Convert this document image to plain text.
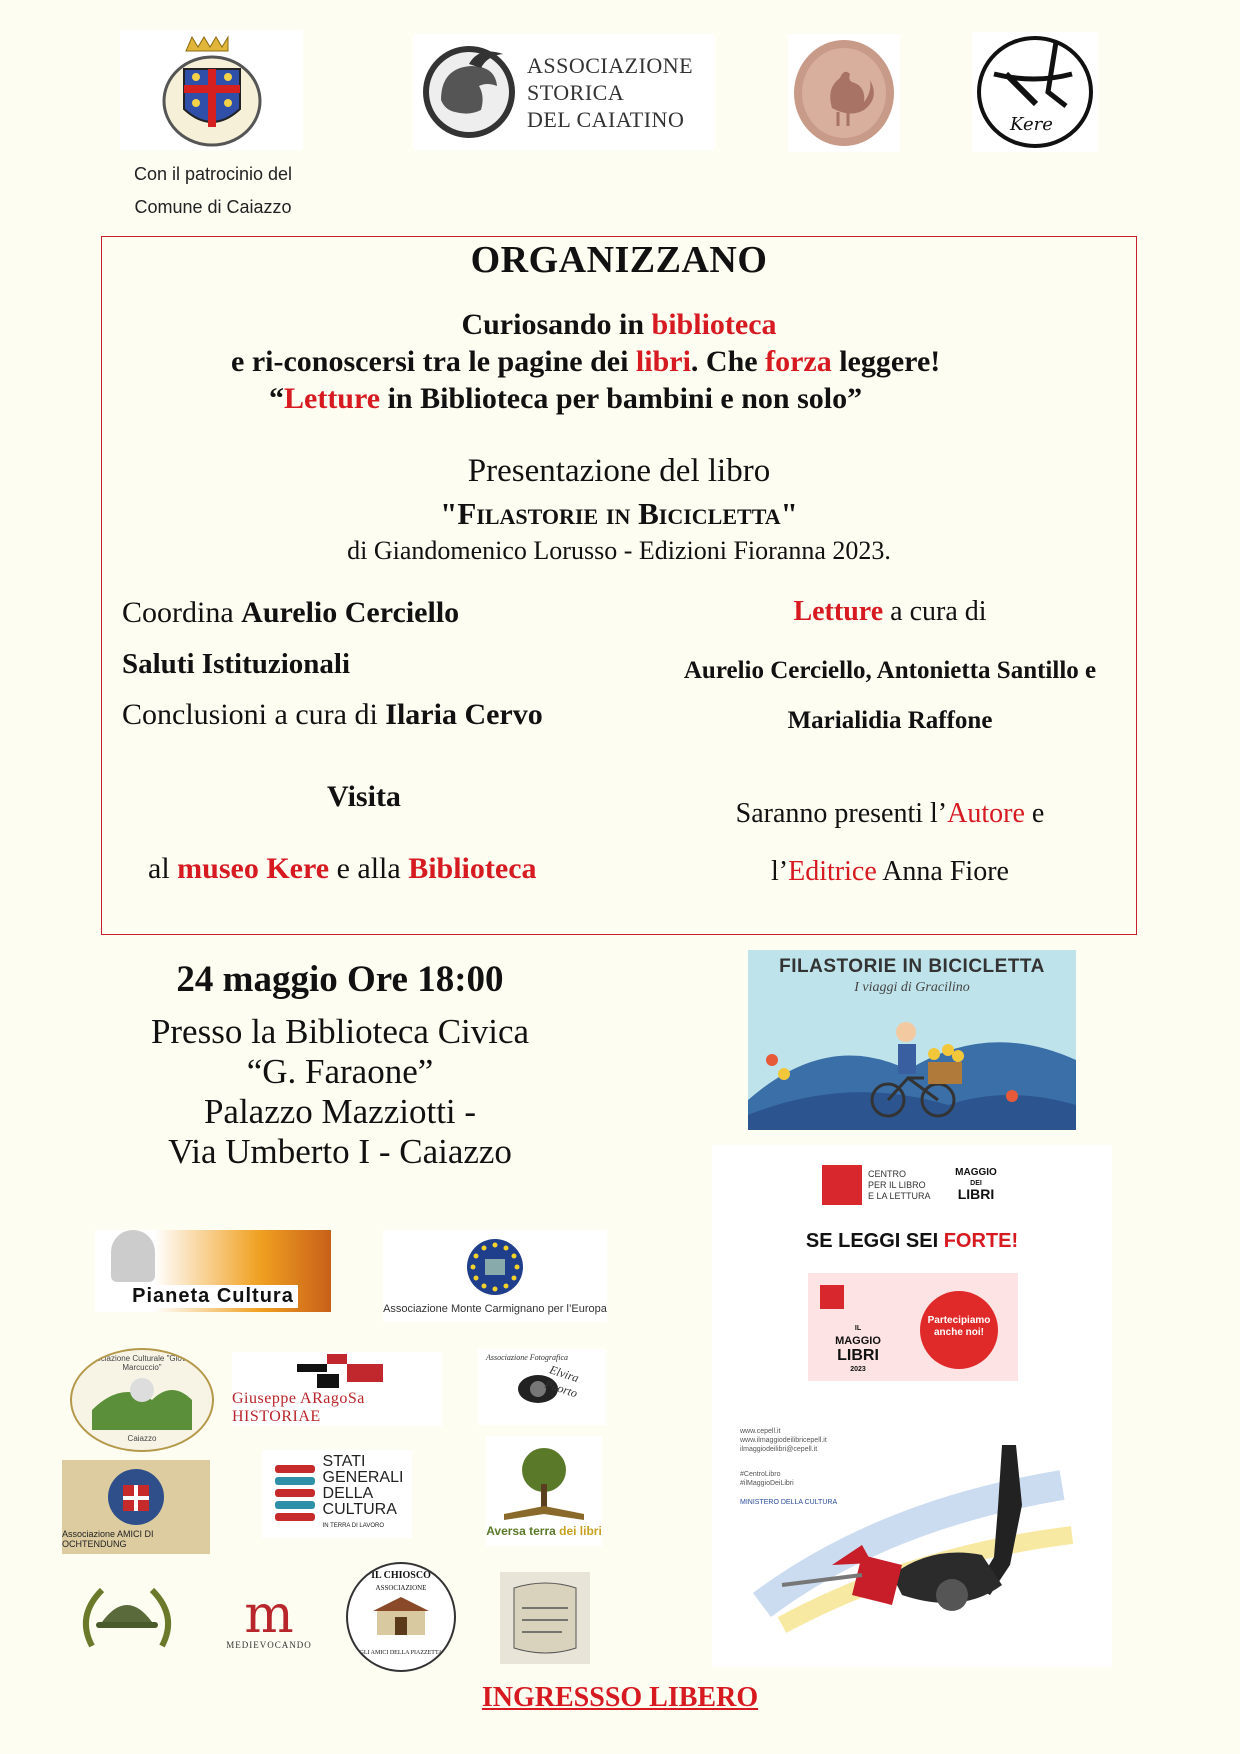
Con il patrocinio del
Comune di Caiazzo
ASSOCIAZIONE
STORICA
DEL CAIATINO	Kere
ORGANIZZANO
Curiosando in biblioteca
e ri-conoscersi tra le pagine dei libri. Che forza leggere!
“Letture in Biblioteca per bambini e non solo”
Presentazione del libro
"Filastorie in Bicicletta"
di Giandomenico Lorusso - Edizioni Fioranna 2023.
Coordina Aurelio Cerciello
Saluti Istituzionali
Conclusioni a cura di Ilaria Cervo
Visita
al museo Kere e alla Biblioteca
Letture a cura di
Aurelio Cerciello, Antonietta Santillo e
Marialidia Raffone
Saranno presenti l’Autore e
l’Editrice Anna Fiore
24 maggio Ore 18:00
Presso la Biblioteca Civica
“G. Faraone”
Palazzo Mazziotti -
Via Umberto I - Caiazzo
FILASTORIE IN BICICLETTA
I viaggi di Gracilino
CENTRO
PER IL LIBRO
E LA LETTURA
MAGGIO
DEI
LIBRI
SE LEGGI SEI FORTE!
IL
MAGGIO
LIBRI
2023
Partecipiamo
anche noi!
www.cepell.it
www.ilmaggiodeilibricepell.it
ilmaggiodeilibri@cepell.it
#CentroLibro
#ilMaggioDeiLibri
MINISTERO DELLA CULTURA
Pianeta Cultura
Associazione Monte Carmignano per l’Europa
Associazione Culturale "Giovanni Marcuccio"
Caiazzo
Giuseppe ARagoSa HISTORIAE
Associazione Fotografica
Elvira Puorto
Associazione AMICI DI OCHTENDUNG
STATI
GENERALI
DELLA
CULTURA
IN TERRA DI LAVORO	Aversa terra dei libri
m
MEDIEVOCANDO
"IL CHIOSCO"
ASSOCIAZIONE
GLI AMICI DELLA PIAZZETTA
INGRESSSO LIBERO
